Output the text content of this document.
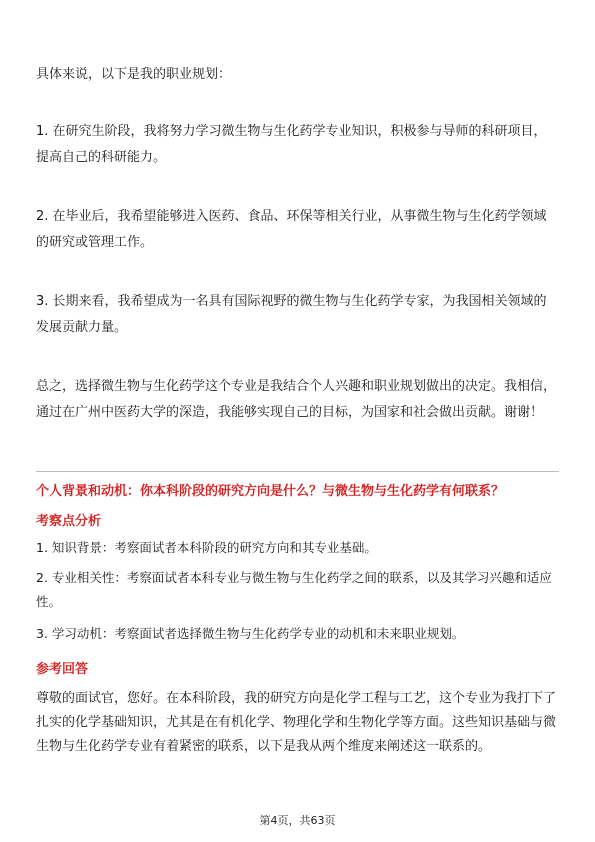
具体来说，以下是我的职业规划：

1. 在研究生阶段，我将努力学习微生物与生化药学专业知识，积极参与导师的科研项目，提高自己的科研能力。

2. 在毕业后，我希望能够进入医药、食品、环保等相关行业，从事微生物与生化药学领域的研究或管理工作。

3. 长期来看，我希望成为一名具有国际视野的微生物与生化药学专家，为我国相关领域的发展贡献力量。

总之，选择微生物与生化药学这个专业是我结合个人兴趣和职业规划做出的决定。我相信，通过在广州中医药大学的深造，我能够实现自己的目标，为国家和社会做出贡献。谢谢！

个人背景和动机：你本科阶段的研究方向是什么？与微生物与生化药学有何联系？

考察点分析

1. 知识背景：考察面试者本科阶段的研究方向和其专业基础。

2. 专业相关性：考察面试者本科专业与微生物与生化药学之间的联系，以及其学习兴趣和适应性。

3. 学习动机：考察面试者选择微生物与生化药学专业的动机和未来职业规划。

参考回答

尊敬的面试官，您好。在本科阶段，我的研究方向是化学工程与工艺，这个专业为我打下了扎实的化学基础知识，尤其是在有机化学、物理化学和生物化学等方面。这些知识基础与微生物与生化药学专业有着紧密的联系，以下是我从两个维度来阐述这一联系的。

第4页，共63页
